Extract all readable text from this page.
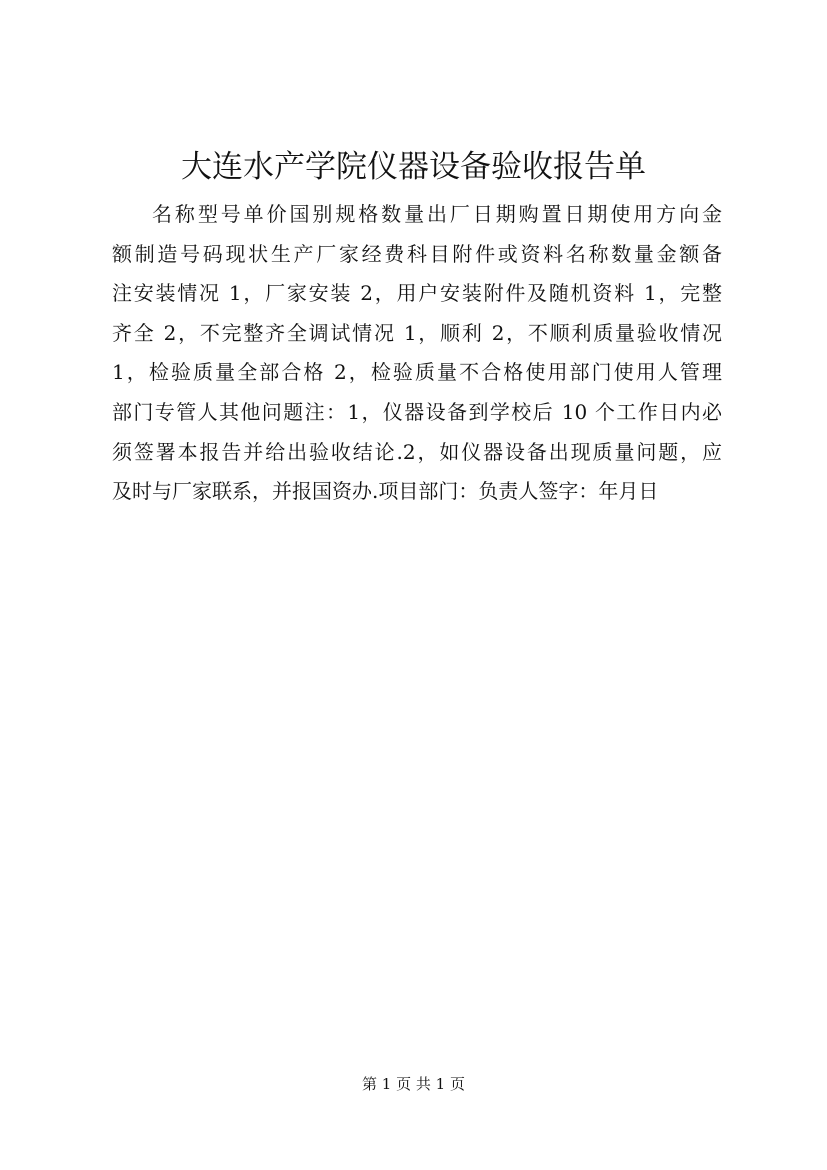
大连水产学院仪器设备验收报告单
名称型号单价国别规格数量出厂日期购置日期使用方向金
额制造号码现状生产厂家经费科目附件或资料名称数量金额备
注安装情况 1，厂家安装 2，用户安装附件及随机资料 1，完整
齐全 2，不完整齐全调试情况 1，顺利 2，不顺利质量验收情况
1，检验质量全部合格 2，检验质量不合格使用部门使用人管理
部门专管人其他问题注：1，仪器设备到学校后 10 个工作日内必
须签署本报告并给出验收结论.2，如仪器设备出现质量问题，应
及时与厂家联系，并报国资办.项目部门：负责人签字：年月日
第 1 页 共 1 页
